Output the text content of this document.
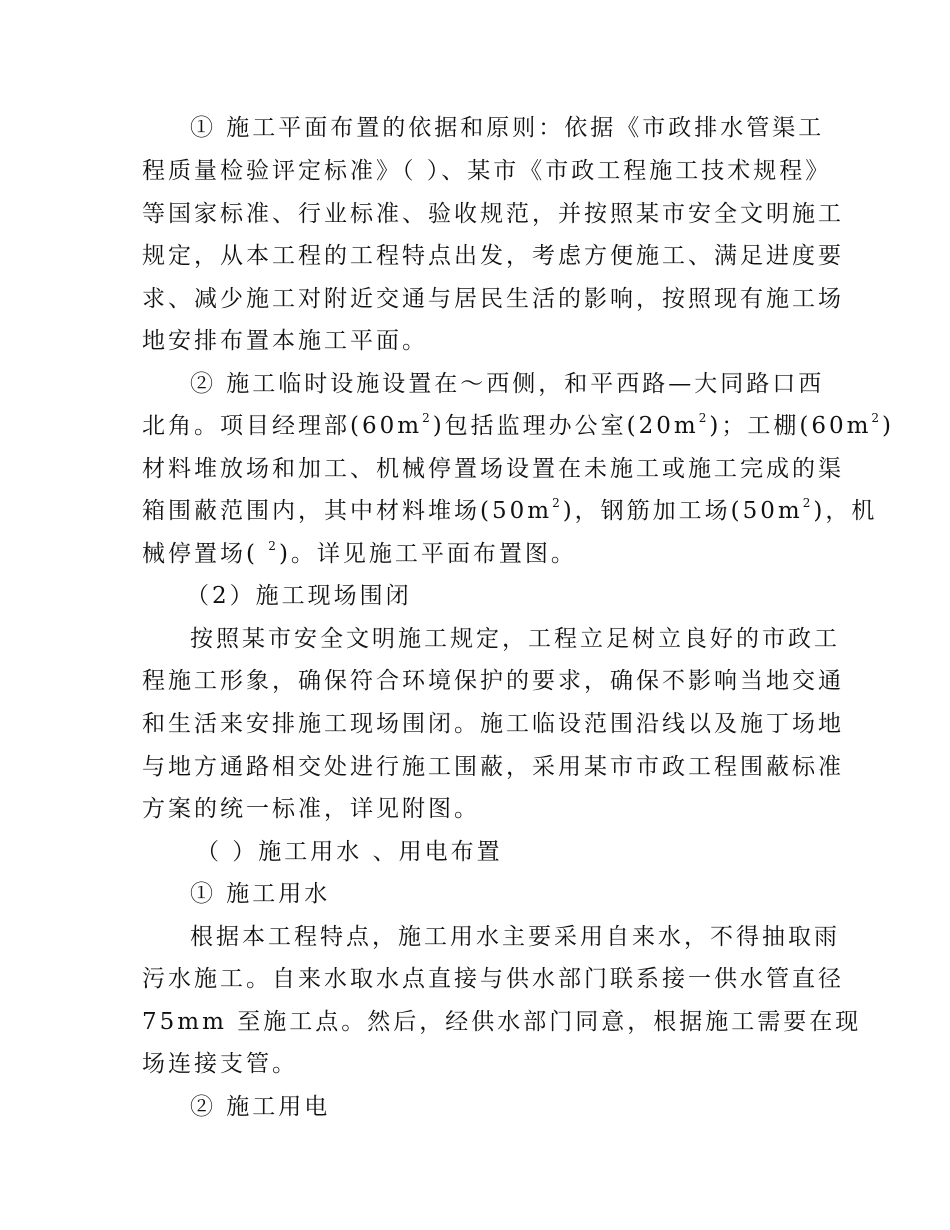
① 施工平面布置的依据和原则：依据《市政排水管渠工
程质量检验评定标准》（ ）、某市《市政工程施工技术规程》
等国家标准、行业标准、验收规范，并按照某市安全文明施工
规定，从本工程的工程特点出发，考虑方便施工、满足进度要
求、减少施工对附近交通与居民生活的影响，按照现有施工场
地安排布置本施工平面。
② 施工临时设施设置在～西侧，和平西路—大同路口西
北角。项目经理部$(60m^2)$包括监理办公室$(20m^2)$；工棚$(60m^2)$
材料堆放场和加工、机械停置场设置在未施工或施工完成的渠
箱围蔽范围内，其中材料堆场$(50m^2)$，钢筋加工场$(50m^2)$，机
械停置场( $^2$)。详见施工平面布置图。
（2）施工现场围闭
按照某市安全文明施工规定，工程立足树立良好的市政工
程施工形象，确保符合环境保护的要求，确保不影响当地交通
和生活来安排施工现场围闭。施工临设范围沿线以及施丁场地
与地方通路相交处进行施工围蔽，采用某市市政工程围蔽标准
方案的统一标准，详见附图。
（ ）施工用水 、用电布置
① 施工用水
根据本工程特点，施工用水主要采用自来水，不得抽取雨
污水施工。自来水取水点直接与供水部门联系接一供水管直径
75mm 至施工点。然后，经供水部门同意，根据施工需要在现
场连接支管。
② 施工用电
